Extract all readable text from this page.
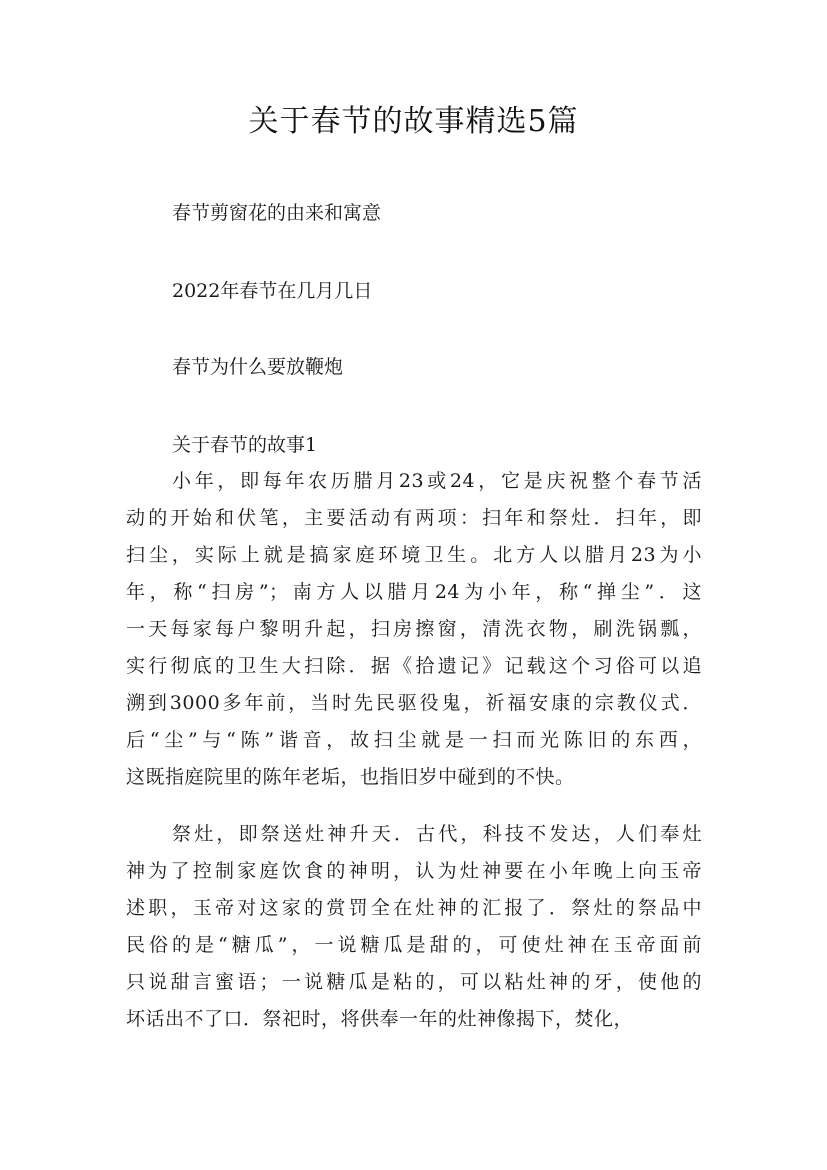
关于春节的故事精选5篇
春节剪窗花的由来和寓意
2022年春节在几月几日
春节为什么要放鞭炮
关于春节的故事1
小年，即每年农历腊月23或24，它是庆祝整个春节活
动的开始和伏笔，主要活动有两项：扫年和祭灶．扫年，即
扫尘，实际上就是搞家庭环境卫生。北方人以腊月23为小
年，称“扫房”；南方人以腊月24为小年，称“掸尘”．这
一天每家每户黎明升起，扫房擦窗，清洗衣物，刷洗锅瓢，
实行彻底的卫生大扫除．据《拾遗记》记载这个习俗可以追
溯到3000多年前，当时先民驱役鬼，祈福安康的宗教仪式．
后“尘”与“陈”谐音，故扫尘就是一扫而光陈旧的东西，
这既指庭院里的陈年老垢，也指旧岁中碰到的不快。
祭灶，即祭送灶神升天．古代，科技不发达，人们奉灶
神为了控制家庭饮食的神明，认为灶神要在小年晚上向玉帝
述职，玉帝对这家的赏罚全在灶神的汇报了．祭灶的祭品中
民俗的是“糖瓜”，一说糖瓜是甜的，可使灶神在玉帝面前
只说甜言蜜语；一说糖瓜是粘的，可以粘灶神的牙，使他的
坏话出不了口．祭祀时，将供奉一年的灶神像揭下，焚化，
